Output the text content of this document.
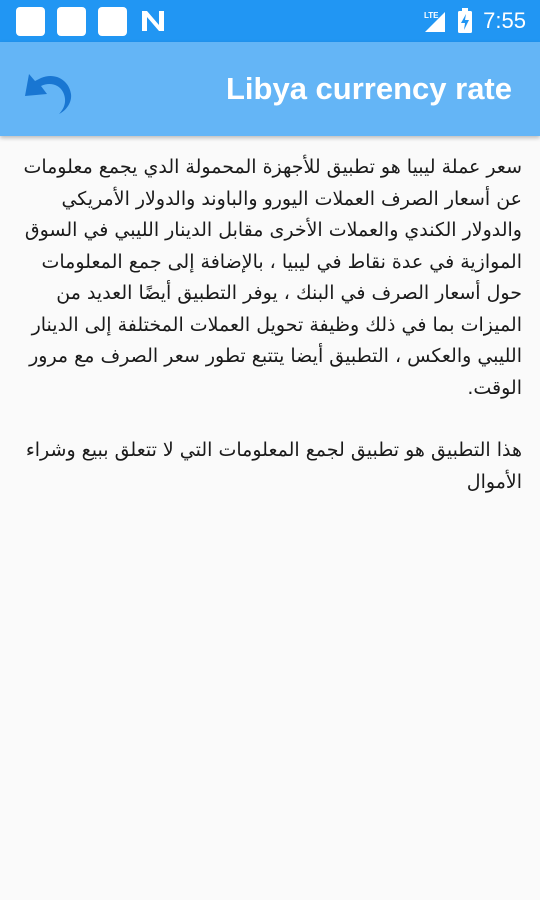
LTE 7:55
Libya currency rate

سعر عملة ليبيا هو تطبيق للأجهزة المحمولة الدي يجمع معلومات عن أسعار الصرف العملات اليورو والباوند والدولار الأمريكي والدولار الكندي والعملات الأخرى مقابل الدينار الليبي في السوق الموازية في عدة نقاط في ليبيا ، بالإضافة إلى جمع المعلومات حول أسعار الصرف في البنك ، يوفر التطبيق أيضًا العديد من الميزات بما في ذلك وظيفة تحويل العملات المختلفة إلى الدينار الليبي والعكس ، التطبيق أيضا يتتبع تطور سعر الصرف مع مرور الوقت.

هذا التطبيق هو تطبيق لجمع المعلومات التي لا تتعلق ببيع وشراء الأموال
